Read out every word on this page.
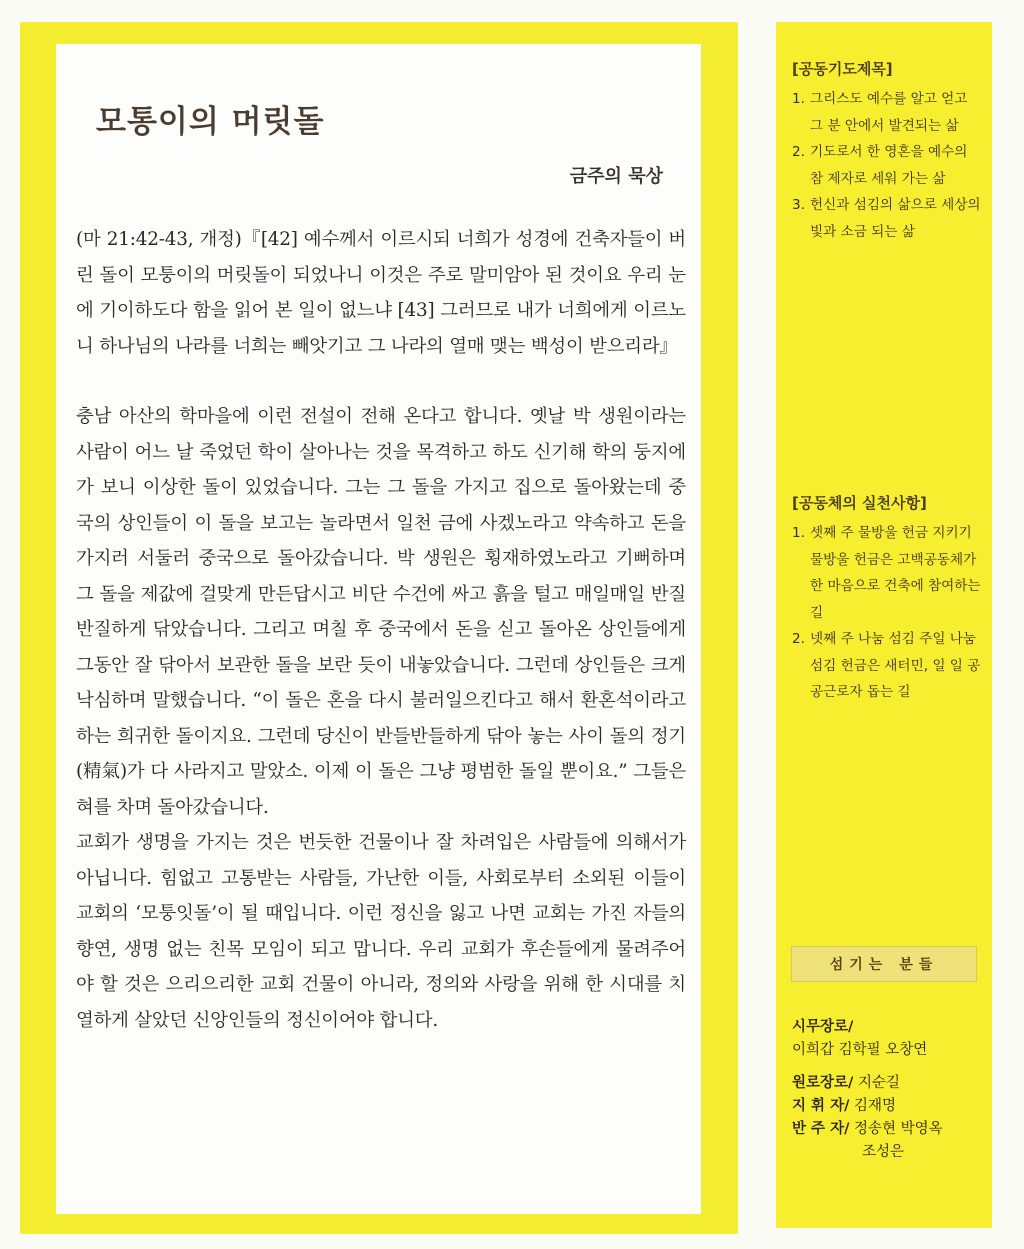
모통이의 머릿돌
금주의 묵상

(마 21:42-43, 개정)『[42] 예수께서 이르시되 너희가 성경에 건축자들이 버린 돌이 모퉁이의 머릿돌이 되었나니 이것은 주로 말미암아 된 것이요 우리 눈에 기이하도다 함을 읽어 본 일이 없느냐 [43] 그러므로 내가 너희에게 이르노니 하나님의 나라를 너희는 빼앗기고 그 나라의 열매 맺는 백성이 받으리라』

충남 아산의 학마을에 이런 전설이 전해 온다고 합니다. 옛날 박 생원이라는 사람이 어느 날 죽었던 학이 살아나는 것을 목격하고 하도 신기해 학의 둥지에 가 보니 이상한 돌이 있었습니다. 그는 그 돌을 가지고 집으로 돌아왔는데 중국의 상인들이 이 돌을 보고는 놀라면서 일천 금에 사겠노라고 약속하고 돈을 가지러 서둘러 중국으로 돌아갔습니다. 박 생원은 횡재하였노라고 기뻐하며 그 돌을 제값에 걸맞게 만든답시고 비단 수건에 싸고 흙을 털고 매일매일 반질반질하게 닦았습니다. 그리고 며칠 후 중국에서 돈을 싣고 돌아온 상인들에게 그동안 잘 닦아서 보관한 돌을 보란 듯이 내놓았습니다. 그런데 상인들은 크게 낙심하며 말했습니다. “이 돌은 혼을 다시 불러일으킨다고 해서 환혼석이라고 하는 희귀한 돌이지요. 그런데 당신이 반들반들하게 닦아 놓는 사이 돌의 정기(精氣)가 다 사라지고 말았소. 이제 이 돌은 그냥 평범한 돌일 뿐이요.” 그들은 혀를 차며 돌아갔습니다.

교회가 생명을 가지는 것은 번듯한 건물이나 잘 차려입은 사람들에 의해서가 아닙니다. 힘없고 고통받는 사람들, 가난한 이들, 사회로부터 소외된 이들이 교회의 ‘모퉁잇돌’이 될 때입니다. 이런 정신을 잃고 나면 교회는 가진 자들의 향연, 생명 없는 친목 모임이 되고 맙니다. 우리 교회가 후손들에게 물려주어야 할 것은 으리으리한 교회 건물이 아니라, 정의와 사랑을 위해 한 시대를 치열하게 살았던 신앙인들의 정신이어야 합니다.

[공동기도제목]
1. 그리스도 예수를 알고 얻고 그 분 안에서 발견되는 삶
2. 기도로서 한 영혼을 예수의 참 제자로 세워 가는 삶
3. 헌신과 섬김의 삶으로 세상의 빛과 소금 되는 삶
[공동체의 실천사항]
1. 셋째 주 물방울 헌금 지키기 물방울 헌금은 고백공동체가 한 마음으로 건축에 참여하는 길
2. 넷째 주 나눔 섬김 주일 나눔 섬김 헌금은 새터민, 일 일 공공근로자 돕는 길
섬기는 분들
시무장로/
이희갑 김학필 오창연
원로장로/ 지순길
지 휘 자/ 김재명
반 주 자/ 정송현 박영옥
조성은
